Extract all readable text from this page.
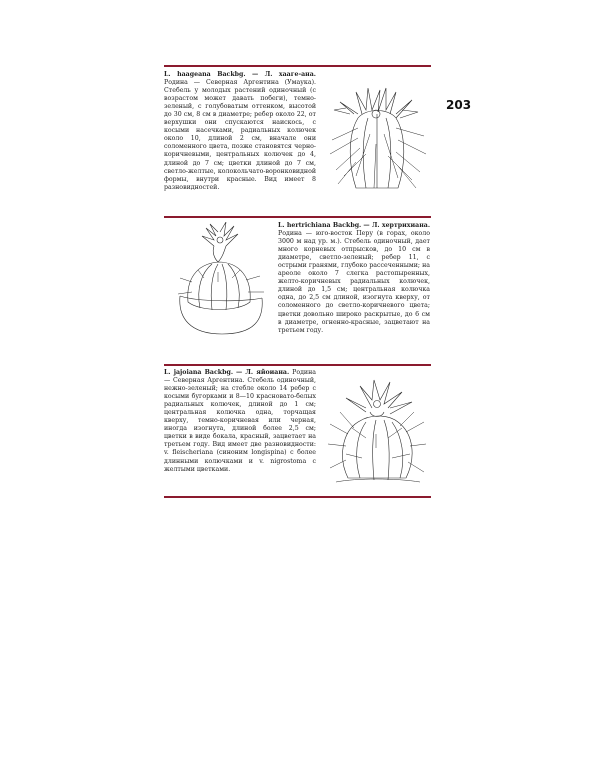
203
L. haageana Backbg. — Л. хааге-ана. Родина — Северная Аргентина (Умаука). Стебель у молодых растений одиночный (с возрастом может давать побеги), темно-зеленый, с голубоватым оттенком, высотой до 30 см, 8 см в диаметре; ребер около 22, от верхушки они спускаются наискось, с косыми насечками, радиальных колючек около 10, длиной 2 см, вначале они соломенного цвета, позже становятся черно-коричневыми, центральных колючек до 4, длиной до 7 см; цветки длиной до 7 см, светло-желтые, колокольчато-воронковидной формы, внутри красные. Вид имеет 8 разновидностей.
L. hertrichiana Backbg. — Л. хертрихиана. Родина — юго-восток Перу (в горах, около 3000 м над ур. м.). Стебель одиночный, дает много корневых отпрысков, до 10 см в диаметре, светло-зеленый; ребер 11, с острыми гранями, глубоко рассеченными; на ареоле около 7 слегка растопыренных, желто-коричневых радиальных колючек, длиной до 1,5 см; центральная колючка одна, до 2,5 см длиной, изогнута кверху, от соломенного до светло-коричневого цвета; цветки довольно широко раскрытые, до 6 см в диаметре, огненно-красные, зацветают на третьем году.
L. jajoiana Backbg. — Л. яйоиана. Родина — Северная Аргентина. Стебель одиночный, нежно-зеленый; на стебле около 14 ребер с косыми бугорками и 8—10 красновато-белых радиальных колючек, длиной до 1 см; центральная колючка одна, торчащая кверху, темно-коричневая или черная, иногда изогнута, длиной более 2,5 см; цветки в виде бокала, красный, зацветает на третьем году. Вид имеет две разновидности: v. fleischeriana (синоним longispina) с более длинными колючками и v. nigrostoma с желтыми цветками.
